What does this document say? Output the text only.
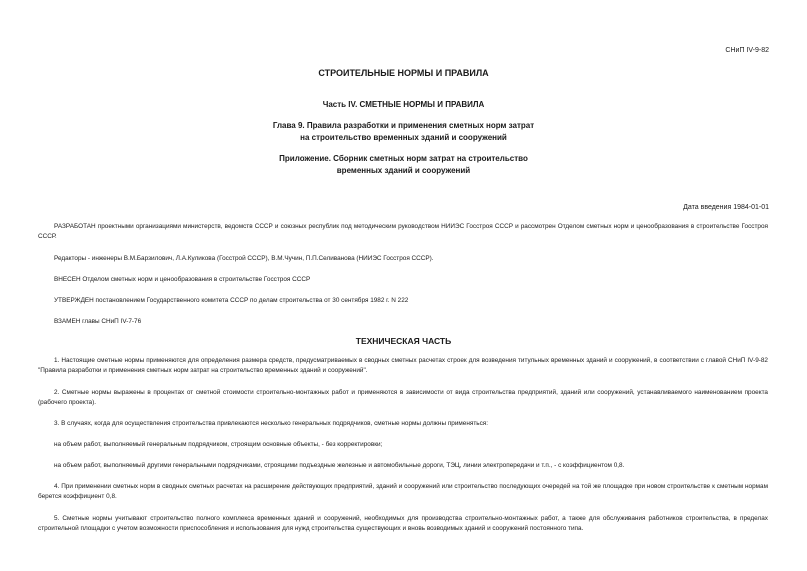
СНиП IV-9-82
СТРОИТЕЛЬНЫЕ НОРМЫ И ПРАВИЛА
Часть IV. СМЕТНЫЕ НОРМЫ И ПРАВИЛА
Глава 9. Правила разработки и применения сметных норм затрат
на строительство временных зданий и сооружений
Приложение. Сборник сметных норм затрат на строительство
временных зданий и сооружений
Дата введения 1984-01-01
РАЗРАБОТАН проектными организациями министерств, ведомств СССР и союзных республик под методическим руководством НИИЭС Госстроя СССР и рассмотрен Отделом сметных норм и ценообразования в строительстве Госстроя СССР.
Редакторы - инженеры В.М.Барзилович, Л.А.Куликова (Госстрой СССР), В.М.Чучин, П.П.Селиванова (НИИЭС Госстроя СССР).
ВНЕСЕН Отделом сметных норм и ценообразования в строительстве Госстроя СССР
УТВЕРЖДЕН постановлением Государственного комитета СССР по делам строительства от 30 сентября 1982 г. N 222
ВЗАМЕН главы СНиП IV-7-76
ТЕХНИЧЕСКАЯ ЧАСТЬ
1. Настоящие сметные нормы применяются для определения размера средств, предусматриваемых в сводных сметных расчетах строек для возведения титульных временных зданий и сооружений, в соответствии с главой СНиП IV-9-82 "Правила разработки и применения сметных норм затрат на строительство временных зданий и сооружений".
2. Сметные нормы выражены в процентах от сметной стоимости строительно-монтажных работ и применяются в зависимости от вида строительства предприятий, зданий или сооружений, устанавливаемого наименованием проекта (рабочего проекта).
3. В случаях, когда для осуществления строительства привлекаются несколько генеральных подрядчиков, сметные нормы должны применяться:
на объем работ, выполняемый генеральным подрядчиком, строящим основные объекты, - без корректировки;
на объем работ, выполняемый другими генеральными подрядчиками, строящими подъездные железные и автомобильные дороги, ТЭЦ, линии электропередачи и т.п., - с коэффициентом 0,8.
4. При применении сметных норм в сводных сметных расчетах на расширение действующих предприятий, зданий и сооружений или строительство последующих очередей на той же площадке при новом строительстве к сметным нормам берется коэффициент 0,8.
5. Сметные нормы учитывают строительство полного комплекса временных зданий и сооружений, необходимых для производства строительно-монтажных работ, а также для обслуживания работников строительства, в пределах строительной площадки с учетом возможности приспособления и использования для нужд строительства существующих и вновь возводимых зданий и сооружений постоянного типа.
